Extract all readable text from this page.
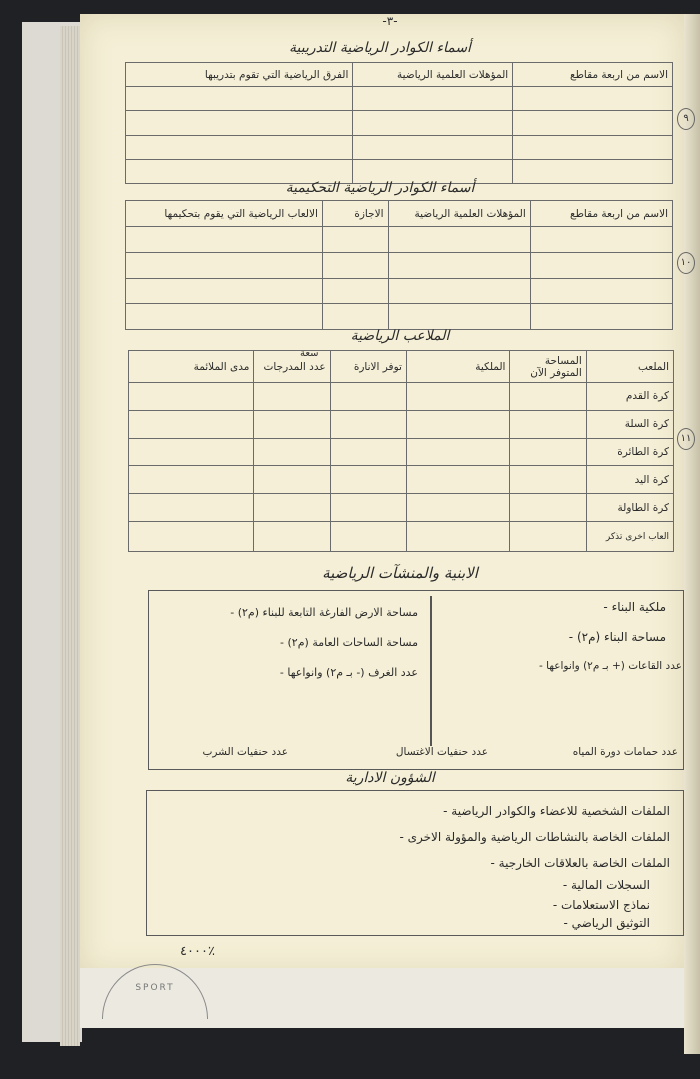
-٣-
أسماء الكوادر الرياضية التدريبية
الفرق الرياضية التي تقوم بتدريبها	المؤهلات العلمية الرياضية	الاسم من اربعة مقاطع

٩
أسماء الكوادر الرياضية التحكيمية
الالعاب الرياضية التي يقوم بتحكيمها	الاجازة	المؤهلات العلمية الرياضية	الاسم من اربعة مقاطع

١٠
الملاعب الرياضية
سعة
مدى الملائمة	عدد المدرجات	توفر الانارة	الملكية	المساحة المتوفر الآن	الملعب
					كرة القدم
					كرة السلة
					كرة الطائرة
					كرة اليد
					كرة الطاولة
					العاب اخرى تذكر
١١
الابنية والمنشآت الرياضية
ملكية البناء -
مساحة البناء (م٢) -
عدد القاعات (+ بـ م٢) وانواعها -
عدد حمامات دورة المياه
مساحة الارض الفارغة التابعة للبناء (م٢) -
مساحة الساحات العامة (م٢) -
عدد الغرف (- بـ م٢) وانواعها -
عدد حنفيات الاغتسال
عدد حنفيات الشرب
الشؤون الادارية
الملفات الشخصية للاعضاء والكوادر الرياضية -
الملفات الخاصة بالنشاطات الرياضية والمؤولة الاخرى -
الملفات الخاصة بالعلاقات الخارجية -
السجلات المالية -
نماذج الاستعلامات -
التوثيق الرياضي -
٪٤٠٠٠
SPORT
